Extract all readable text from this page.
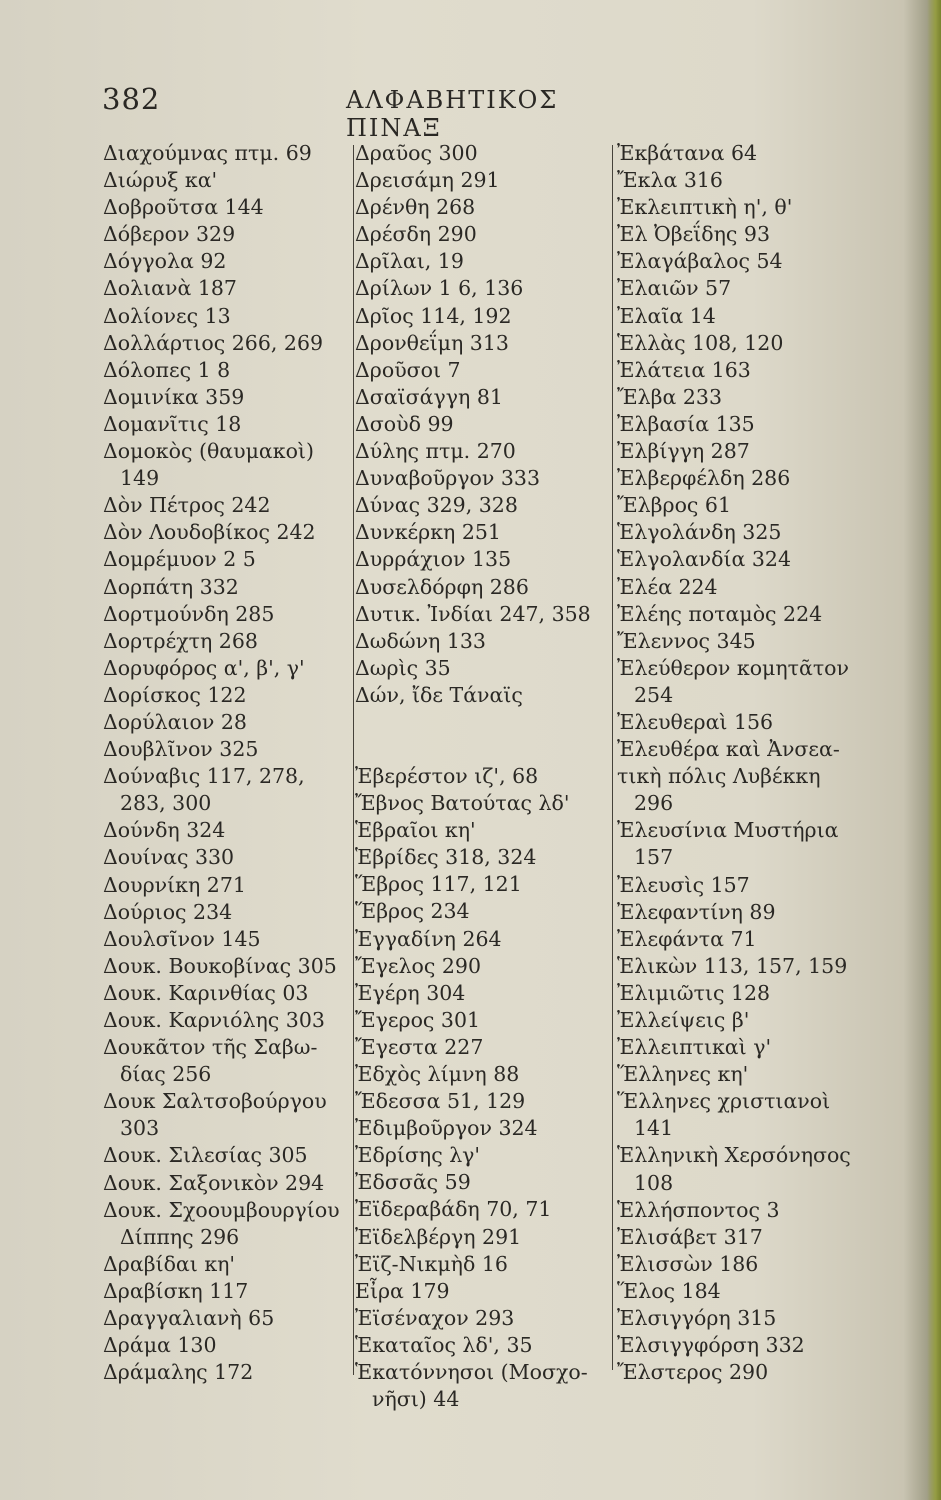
382	ΑΛΦΑΒΗΤΙΚΟΣ ΠΙΝΑΞ
Διαχούμνας πτμ. 69
Διώρυξ κα'
Δοβροῦτσα 144
Δόβερον 329
Δόγγολα 92
Δολιανὰ 187
Δολίονες 13
Δολλάρτιος 266, 269
Δόλοπες 1 8
Δομινίκα 359
Δομανῖτις 18
Δομοκὸς (θαυμακοὶ)
149
Δὸν Πέτρος 242
Δὸν Λουδοβίκος 242
Δομρέμυον 2 5
Δορπάτη 332
Δορτμούνδη 285
Δορτρέχτη 268
Δορυφόρος α', β', γ'
Δορίσκος 122
Δορύλαιον 28
Δουβλῖνον 325
Δούναβις 117, 278,
283, 300
Δούνδη 324
Δουίνας 330
Δουρνίκη 271
Δούριος 234
Δουλσῖνον 145
Δουκ. Βουκοβίνας 305
Δουκ. Καρινθίας 03
Δουκ. Καρνιόλης 303
Δουκᾶτον τῆς Σαβω-
δίας 256
Δουκ Σαλτσοβούργου
303
Δουκ. Σιλεσίας 305
Δουκ. Σαξονικὸν 294
Δουκ. Σχοουμβουργίου
Δίππης 296
Δραβίδαι κη'
Δραβίσκη 117
Δραγγαλιανὴ 65
Δράμα 130
Δράμαλης 172
Δραῦος 300
Δρεισάμη 291
Δρένθη 268
Δρέσδη 290
Δρῖλαι, 19
Δρίλων 1 6, 136
Δρῖος 114, 192
Δρονθεΐμη 313
Δροῦσοι 7
Δσαϊσάγγη 81
Δσοὺδ 99
Δύλης πτμ. 270
Δυναβοῦργον 333
Δύνας 329, 328
Δυνκέρκη 251
Δυρράχιον 135
Δυσελδόρφη 286
Δυτικ. Ἰνδίαι 247, 358
Δωδώνη 133
Δωρὶς 35
Δών, ἴδε Τάναϊς
Ἐβερέστον ιζ', 68
Ἔβνος Βατούτας λδ'
Ἑβραῖοι κη'
Ἑβρίδες 318, 324
Ἕβρος 117, 121
Ἕβρος 234
Ἐγγαδίνη 264
Ἔγελος 290
Ἐγέρη 304
Ἔγερος 301
Ἔγεστα 227
Ἐδχὸς λίμνη 88
Ἔδεσσα 51, 129
Ἐδιμβοῦργον 324
Ἐδρίσης λγ'
Ἐδσσᾶς 59
Ἐϊδεραβάδη 70, 71
Ἐϊδελβέργη 291
Ἐϊζ-Νικμὴδ 16
Εἶρα 179
Ἐϊσέναχον 293
Ἑκαταῖος λδ', 35
Ἑκατόννησοι (Μοσχο-
νῆσι) 44
Ἐκβάτανα 64
Ἔκλα 316
Ἐκλειπτικὴ η', θ'
Ἐλ Ὀβεΐδης 93
Ἐλαγάβαλος 54
Ἐλαιῶν 57
Ἐλαῖα 14
Ἑλλὰς 108, 120
Ἐλάτεια 163
Ἔλβα 233
Ἐλβασία 135
Ἐλβίγγη 287
Ἐλβερφέλδη 286
Ἔλβρος 61
Ἑλγολάνδη 325
Ἑλγολανδία 324
Ἐλέα 224
Ἐλέης ποταμὸς 224
Ἔλεννος 345
Ἐλεύθερον κομητᾶτον
254
Ἐλευθεραὶ 156
Ἐλευθέρα καὶ Ἀνσεα-
τικὴ πόλις Λυβέκκη
296
Ἐλευσίνια Μυστήρια
157
Ἐλευσὶς 157
Ἐλεφαντίνη 89
Ἐλεφάντα 71
Ἑλικὼν 113, 157, 159
Ἐλιμιῶτις 128
Ἐλλείψεις β'
Ἐλλειπτικαὶ γ'
Ἕλληνες κη'
Ἕλληνες χριστιανοὶ
141
Ἑλληνικὴ Χερσόνησος
108
Ἑλλήσποντος 3
Ἐλισάβετ 317
Ἐλισσὼν 186
Ἕλος 184
Ἐλσιγγόρη 315
Ἐλσιγγφόρση 332
Ἔλστερος 290
